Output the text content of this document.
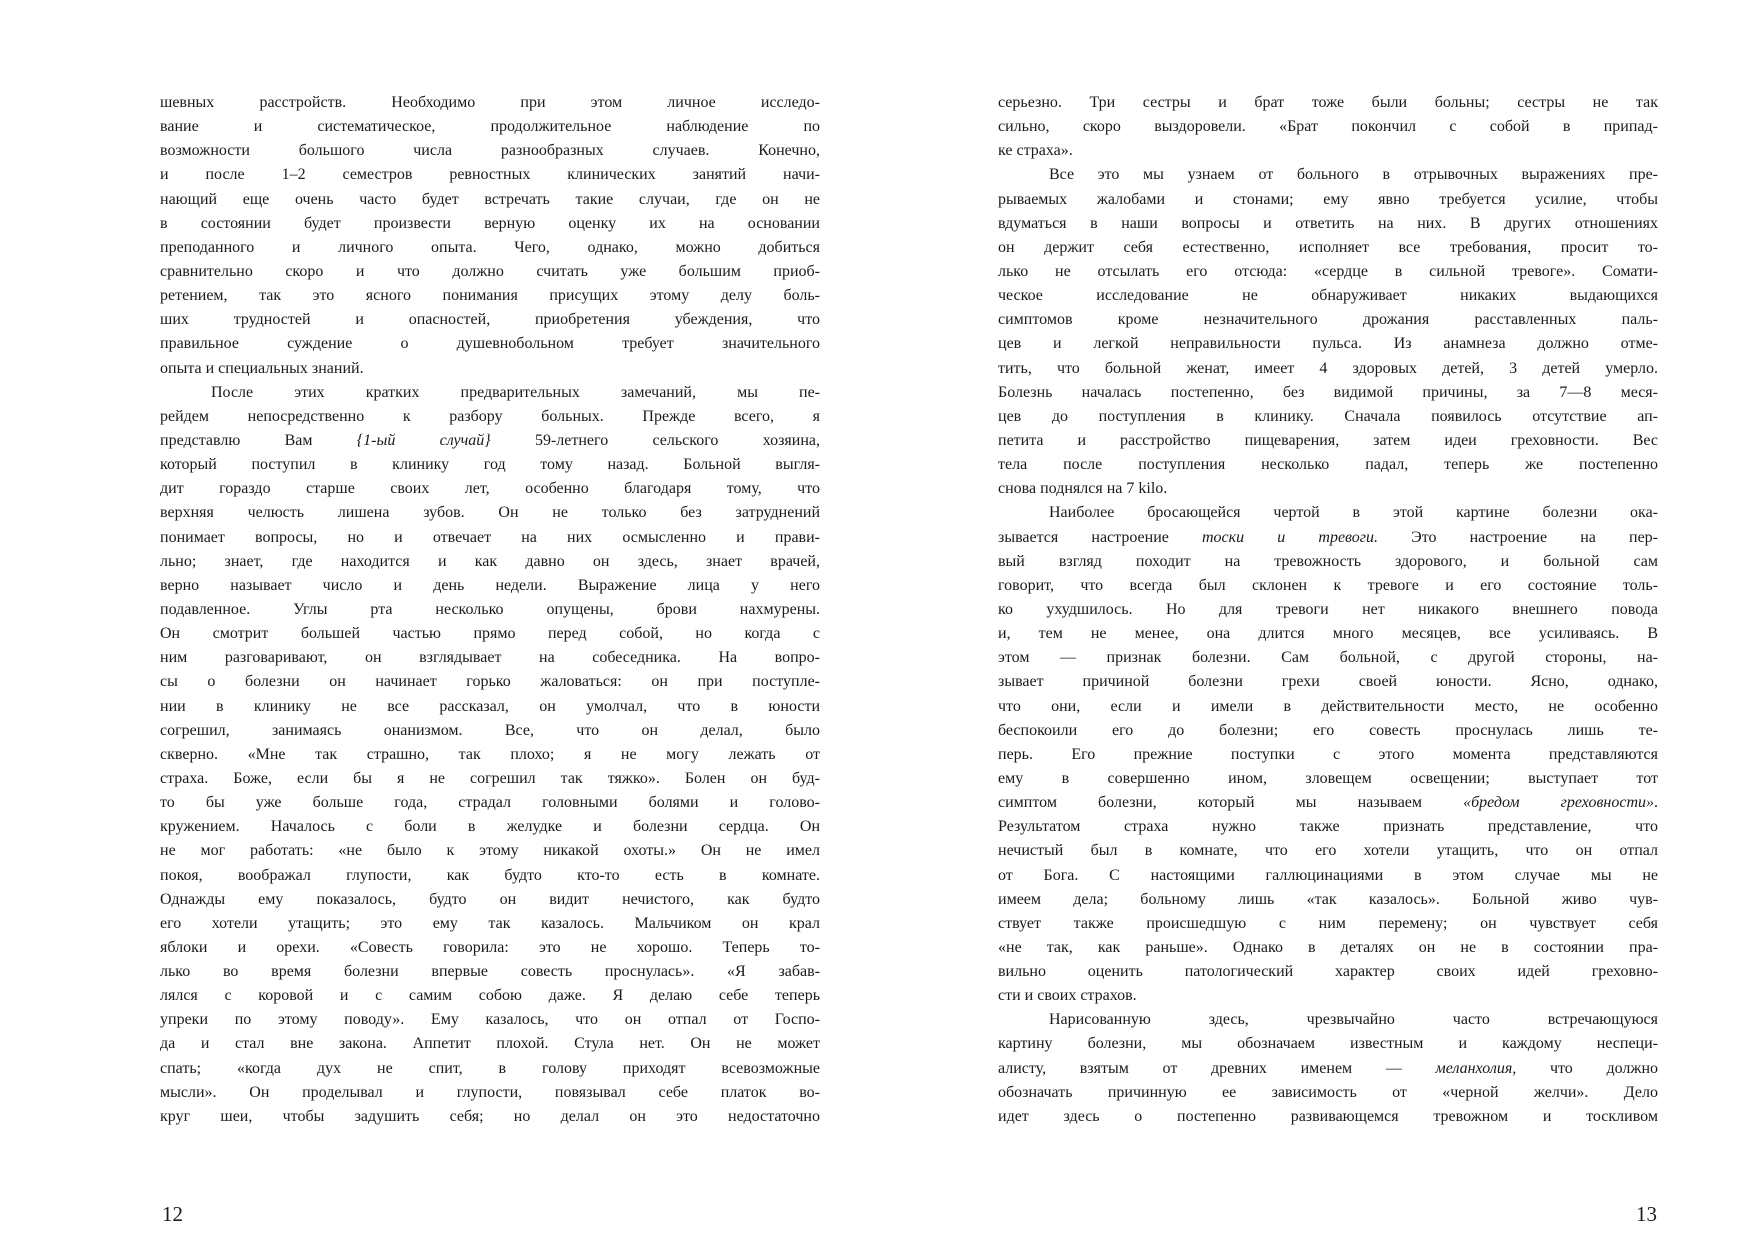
шевных расстройств. Необходимо при этом личное исследо-
вание и систематическое, продолжительное наблюдение по
возможности большого числа разнообразных случаев. Конечно,
и после 1–2 семестров ревностных клинических занятий начи-
нающий еще очень часто будет встречать такие случаи, где он не
в состоянии будет произвести верную оценку их на основании
преподанного и личного опыта. Чего, однако, можно добиться
сравнительно скоро и что должно считать уже большим приоб-
ретением, так это ясного понимания присущих этому делу боль-
ших трудностей и опасностей, приобретения убеждения, что
правильное суждение о душевнобольном требует значительного
опыта и специальных знаний.
После этих кратких предварительных замечаний, мы пе-
рейдем непосредственно к разбору больных. Прежде всего, я
представлю Вам {1-ый случай} 59-летнего сельского хозяина,
который поступил в клинику год тому назад. Больной выгля-
дит гораздо старше своих лет, особенно благодаря тому, что
верхняя челюсть лишена зубов. Он не только без затруднений
понимает вопросы, но и отвечает на них осмысленно и прави-
льно; знает, где находится и как давно он здесь, знает врачей,
верно называет число и день недели. Выражение лица у него
подавленное. Углы рта несколько опущены, брови нахмурены.
Он смотрит большей частью прямо перед собой, но когда с
ним разговаривают, он взглядывает на собеседника. На вопро-
сы о болезни он начинает горько жаловаться: он при поступле-
нии в клинику не все рассказал, он умолчал, что в юности
согрешил, занимаясь онанизмом. Все, что он делал, было
скверно. «Мне так страшно, так плохо; я не могу лежать от
страха. Боже, если бы я не согрешил так тяжко». Болен он буд-
то бы уже больше года, страдал головными болями и голово-
кружением. Началось с боли в желудке и болезни сердца. Он
не мог работать: «не было к этому никакой охоты.» Он не имел
покоя, воображал глупости, как будто кто-то есть в комнате.
Однажды ему показалось, будто он видит нечистого, как будто
его хотели утащить; это ему так казалось. Мальчиком он крал
яблоки и орехи. «Совесть говорила: это не хорошо. Теперь то-
лько во время болезни впервые совесть проснулась». «Я забав-
лялся с коровой и с самим собою даже. Я делаю себе теперь
упреки по этому поводу». Ему казалось, что он отпал от Госпо-
да и стал вне закона. Аппетит плохой. Стула нет. Он не может
спать; «когда дух не спит, в голову приходят всевозможные
мысли». Он проделывал и глупости, повязывал себе платок во-
круг шеи, чтобы задушить себя; но делал он это недостаточно
серьезно. Три сестры и брат тоже были больны; сестры не так
сильно, скоро выздоровели. «Брат покончил с собой в припад-
ке страха».
Все это мы узнаем от больного в отрывочных выражениях пре-
рываемых жалобами и стонами; ему явно требуется усилие, чтобы
вдуматься в наши вопросы и ответить на них. В других отношениях
он держит себя естественно, исполняет все требования, просит то-
лько не отсылать его отсюда: «сердце в сильной тревоге». Сомати-
ческое исследование не обнаруживает никаких выдающихся
симптомов кроме незначительного дрожания расставленных паль-
цев и легкой неправильности пульса. Из анамнеза должно отме-
тить, что больной женат, имеет 4 здоровых детей, 3 детей умерло.
Болезнь началась постепенно, без видимой причины, за 7—8 меся-
цев до поступления в клинику. Сначала появилось отсутствие ап-
петита и расстройство пищеварения, затем идеи греховности. Вес
тела после поступления несколько падал, теперь же постепенно
снова поднялся на 7 kilo.
Наиболее бросающейся чертой в этой картине болезни ока-
зывается настроение тоски и тревоги. Это настроение на пер-
вый взгляд походит на тревожность здорового, и больной сам
говорит, что всегда был склонен к тревоге и его состояние толь-
ко ухудшилось. Но для тревоги нет никакого внешнего повода
и, тем не менее, она длится много месяцев, все усиливаясь. В
этом — признак болезни. Сам больной, с другой стороны, на-
зывает причиной болезни грехи своей юности. Ясно, однако,
что они, если и имели в действительности место, не особенно
беспокоили его до болезни; его совесть проснулась лишь те-
перь. Его прежние поступки с этого момента представляются
ему в совершенно ином, зловещем освещении; выступает тот
симптом болезни, который мы называем «бредом греховности».
Результатом страха нужно также признать представление, что
нечистый был в комнате, что его хотели утащить, что он отпал
от Бога. С настоящими галлюцинациями в этом случае мы не
имеем дела; больному лишь «так казалось». Больной живо чув-
ствует также происшедшую с ним перемену; он чувствует себя
«не так, как раньше». Однако в деталях он не в состоянии пра-
вильно оценить патологический характер своих идей греховно-
сти и своих страхов.
Нарисованную здесь, чрезвычайно часто встречающуюся
картину болезни, мы обозначаем известным и каждому неспеци-
алисту, взятым от древних именем — меланхолия, что должно
обозначать причинную ее зависимость от «черной желчи». Дело
идет здесь о постепенно развивающемся тревожном и тоскливом
12	13
